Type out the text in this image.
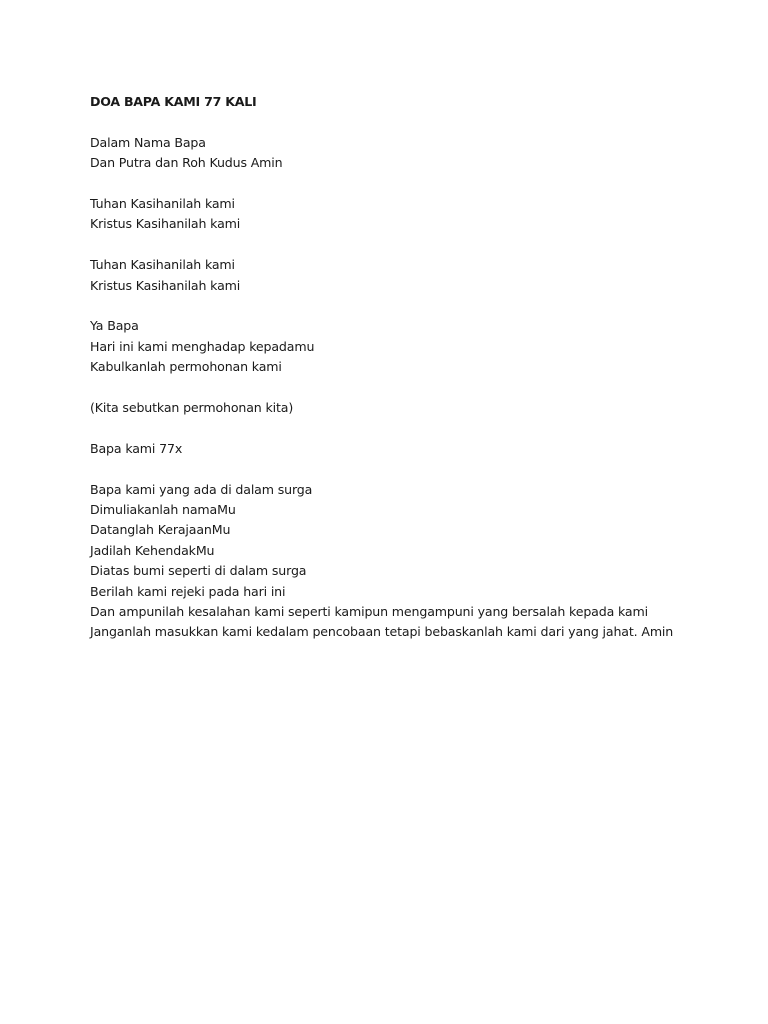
DOA BAPA KAMI 77 KALI
Dalam Nama Bapa
Dan Putra dan Roh Kudus Amin
Tuhan Kasihanilah kami
Kristus Kasihanilah kami
Tuhan Kasihanilah kami
Kristus Kasihanilah kami
Ya Bapa
Hari ini kami menghadap kepadamu
Kabulkanlah permohonan kami
(Kita sebutkan permohonan kita)
Bapa kami 77x
Bapa kami yang ada di dalam surga
Dimuliakanlah namaMu
Datanglah KerajaanMu
Jadilah KehendakMu
Diatas bumi seperti di dalam surga
Berilah kami rejeki pada hari ini
Dan ampunilah kesalahan kami seperti kamipun mengampuni yang bersalah kepada kami
Janganlah masukkan kami kedalam pencobaan tetapi bebaskanlah kami dari yang jahat. Amin
